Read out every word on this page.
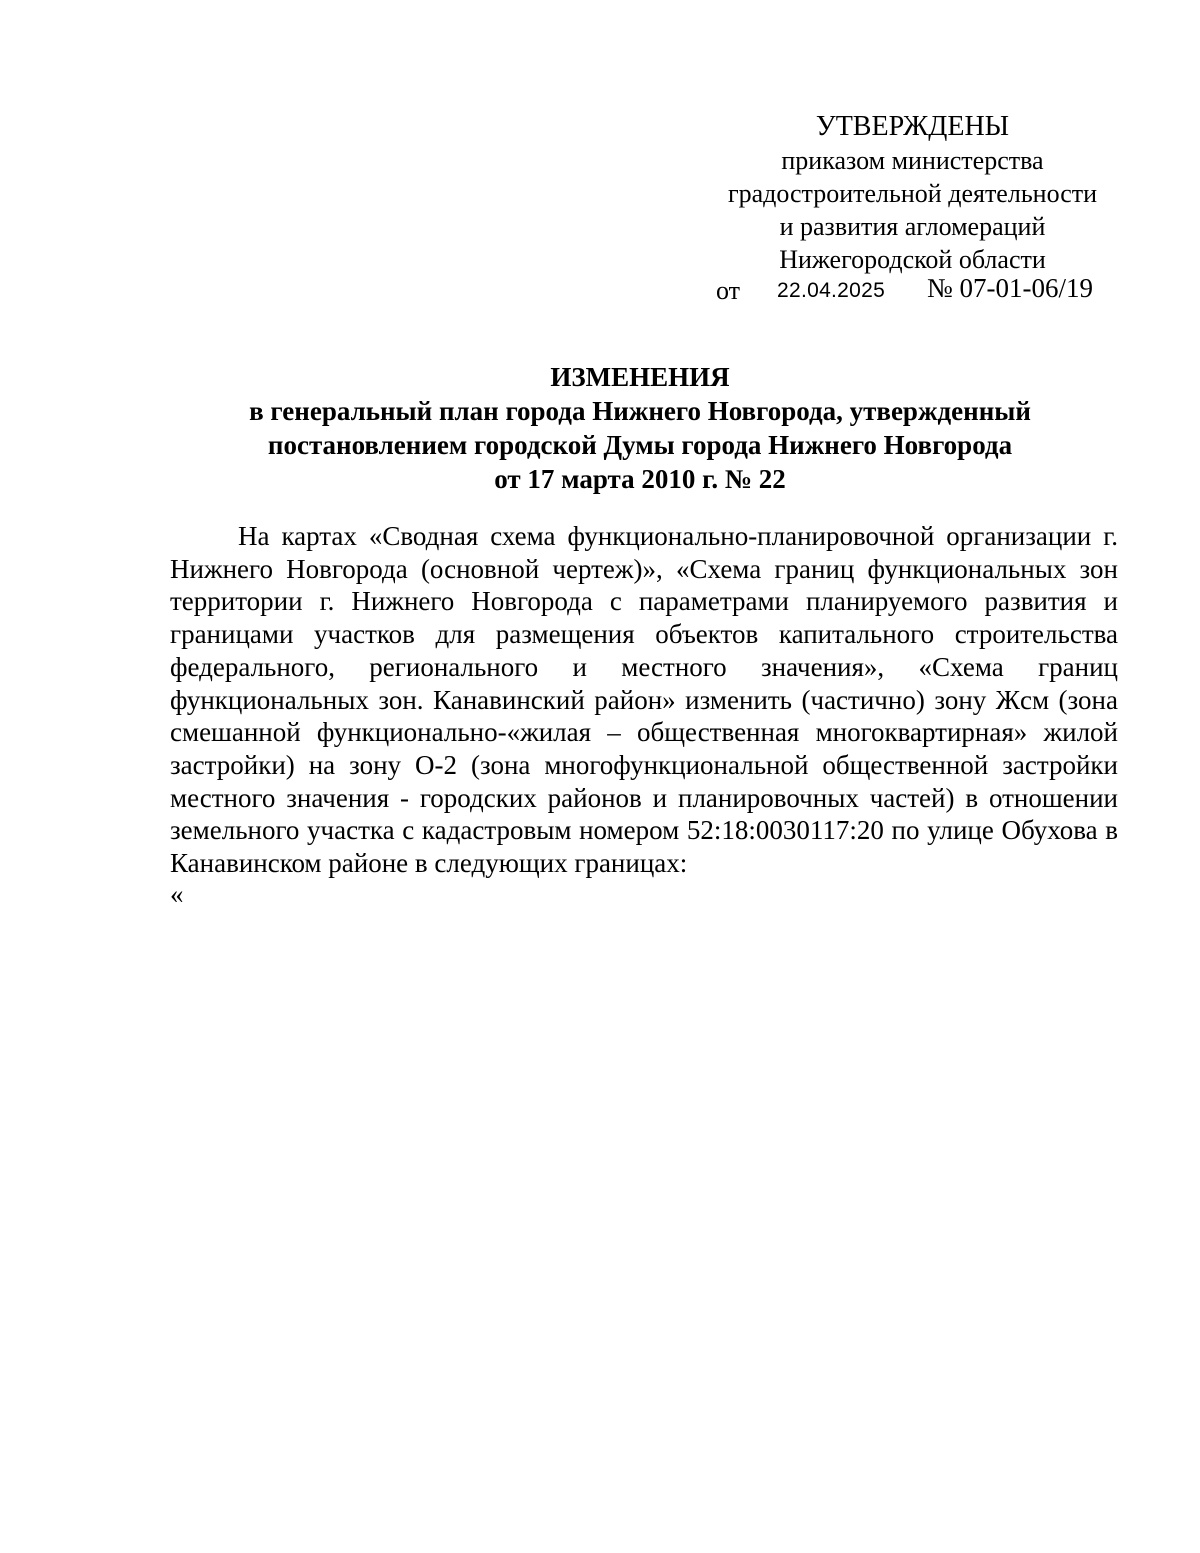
УТВЕРЖДЕНЫ
приказом министерства
градостроительной деятельности
и развития агломераций
Нижегородской области
от 22.04.2025 № 07-01-06/19
ИЗМЕНЕНИЯ
в генеральный план города Нижнего Новгорода, утвержденный
постановлением городской Думы города Нижнего Новгорода
от 17 марта 2010 г. № 22

На картах «Сводная схема функционально-планировочной организации г. Нижнего Новгорода (основной чертеж)», «Схема границ функциональных зон территории г. Нижнего Новгорода с параметрами планируемого развития и границами участков для размещения объектов капитального строительства федерального, регионального и местного значения», «Схема границ функциональных зон. Канавинский район» изменить (частично) зону Жсм (зона смешанной функционально-«жилая – общественная многоквартирная» жилой застройки) на зону О-2 (зона многофункциональной общественной застройки местного значения - городских районов и планировочных частей) в отношении земельного участка с кадастровым номером 52:18:0030117:20 по улице Обухова в Канавинском районе в следующих границах:

«
